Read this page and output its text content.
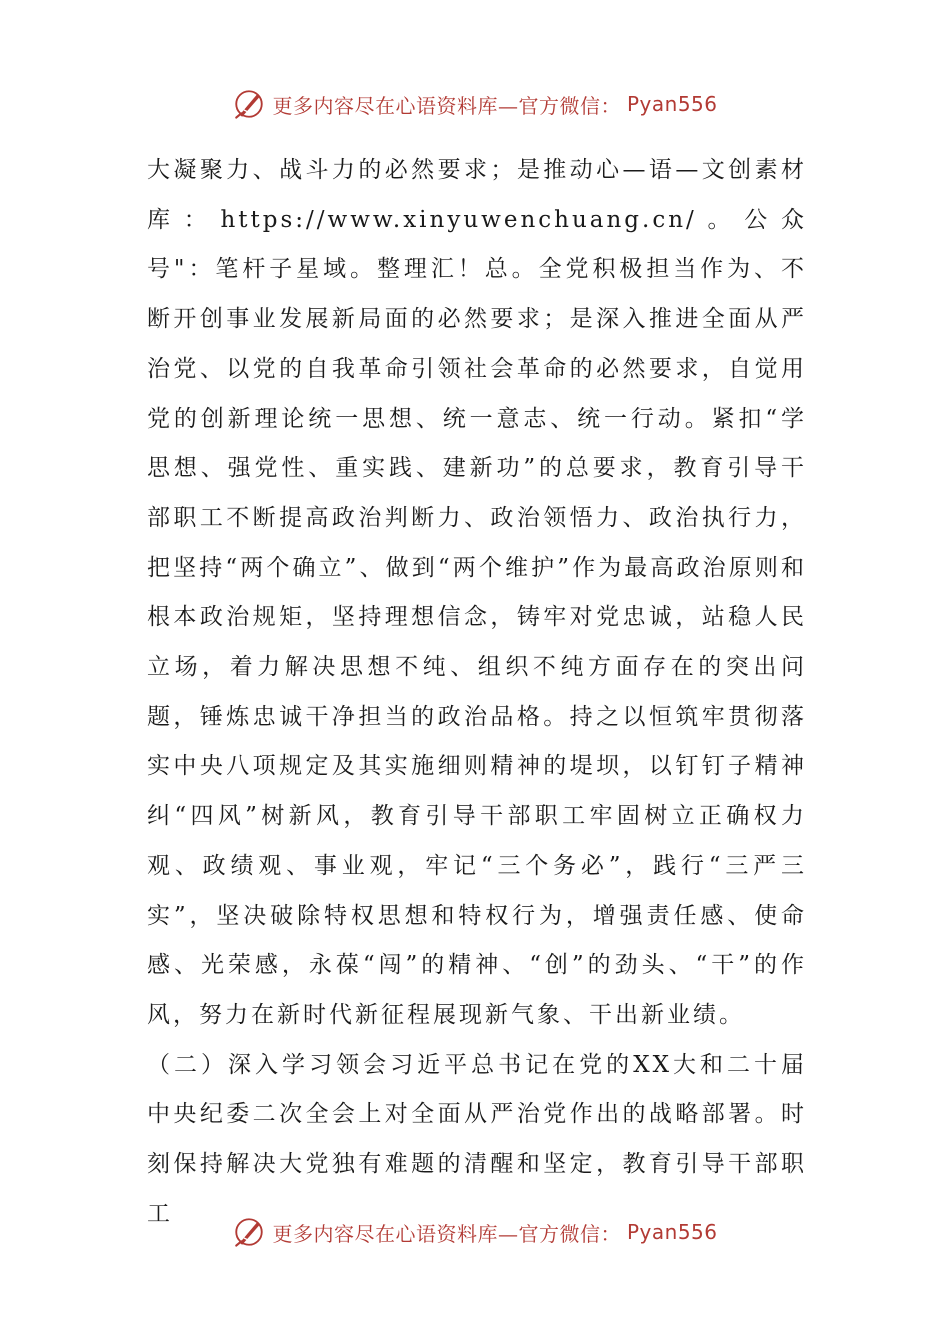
更多内容尽在心语资料库—官方微信： Pyan556

大凝聚力、战斗力的必然要求；是推动心—语—文创素材库：https://www.xinyuwenchuang.cn/。公众号"：笔杆子星域。整理汇！总。全党积极担当作为、不断开创事业发展新局面的必然要求；是深入推进全面从严治党、以党的自我革命引领社会革命的必然要求，自觉用党的创新理论统一思想、统一意志、统一行动。紧扣“学思想、强党性、重实践、建新功”的总要求，教育引导干部职工不断提高政治判断力、政治领悟力、政治执行力，把坚持“两个确立”、做到“两个维护”作为最高政治原则和根本政治规矩，坚持理想信念，铸牢对党忠诚，站稳人民立场，着力解决思想不纯、组织不纯方面存在的突出问题，锤炼忠诚干净担当的政治品格。持之以恒筑牢贯彻落实中央八项规定及其实施细则精神的堤坝，以钉钉子精神纠“四风”树新风，教育引导干部职工牢固树立正确权力观、政绩观、事业观，牢记“三个务必”，践行“三严三实”，坚决破除特权思想和特权行为，增强责任感、使命感、光荣感，永葆“闯”的精神、“创”的劲头、“干”的作风，努力在新时代新征程展现新气象、干出新业绩。

（二）深入学习领会习近平总书记在党的XX大和二十届中央纪委二次全会上对全面从严治党作出的战略部署。时刻保持解决大党独有难题的清醒和坚定，教育引导干部职工

更多内容尽在心语资料库—官方微信： Pyan556
